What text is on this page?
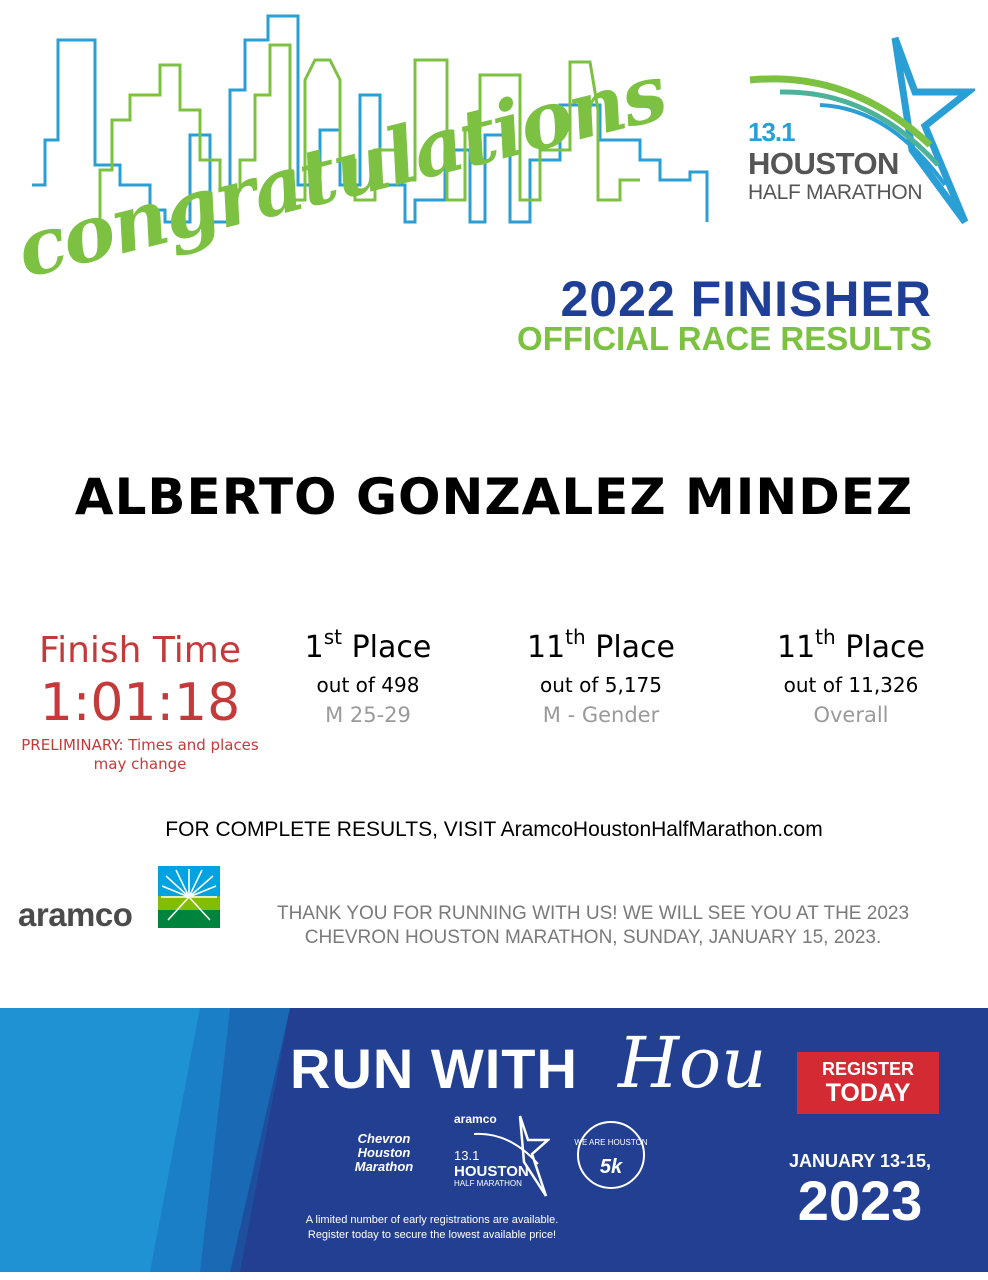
congratulations	13.1
HOUSTON
HALF MARATHON
2022 FINISHER
OFFICIAL RACE RESULTS
ALBERTO GONZALEZ MINDEZ
Finish Time
1:01:18
PRELIMINARY: Times and places may change
1st Place
out of 498
M 25-29
11th Place
out of 5,175
M - Gender
11th Place
out of 11,326
Overall
FOR COMPLETE RESULTS, VISIT AramcoHoustonHalfMarathon.com
aramco	THANK YOU FOR RUNNING WITH US! WE WILL SEE YOU AT THE 2023
CHEVRON HOUSTON MARATHON, SUNDAY, JANUARY 15, 2023.
RUN WITH Hou	REGISTER
TODAY
JANUARY 13-15,
2023
Chevron Houston Marathon
aramco
13.1
HOUSTON
HALF MARATHON
WE ARE HOUSTON
5k
A limited number of early registrations are available.
Register today to secure the lowest available price!
